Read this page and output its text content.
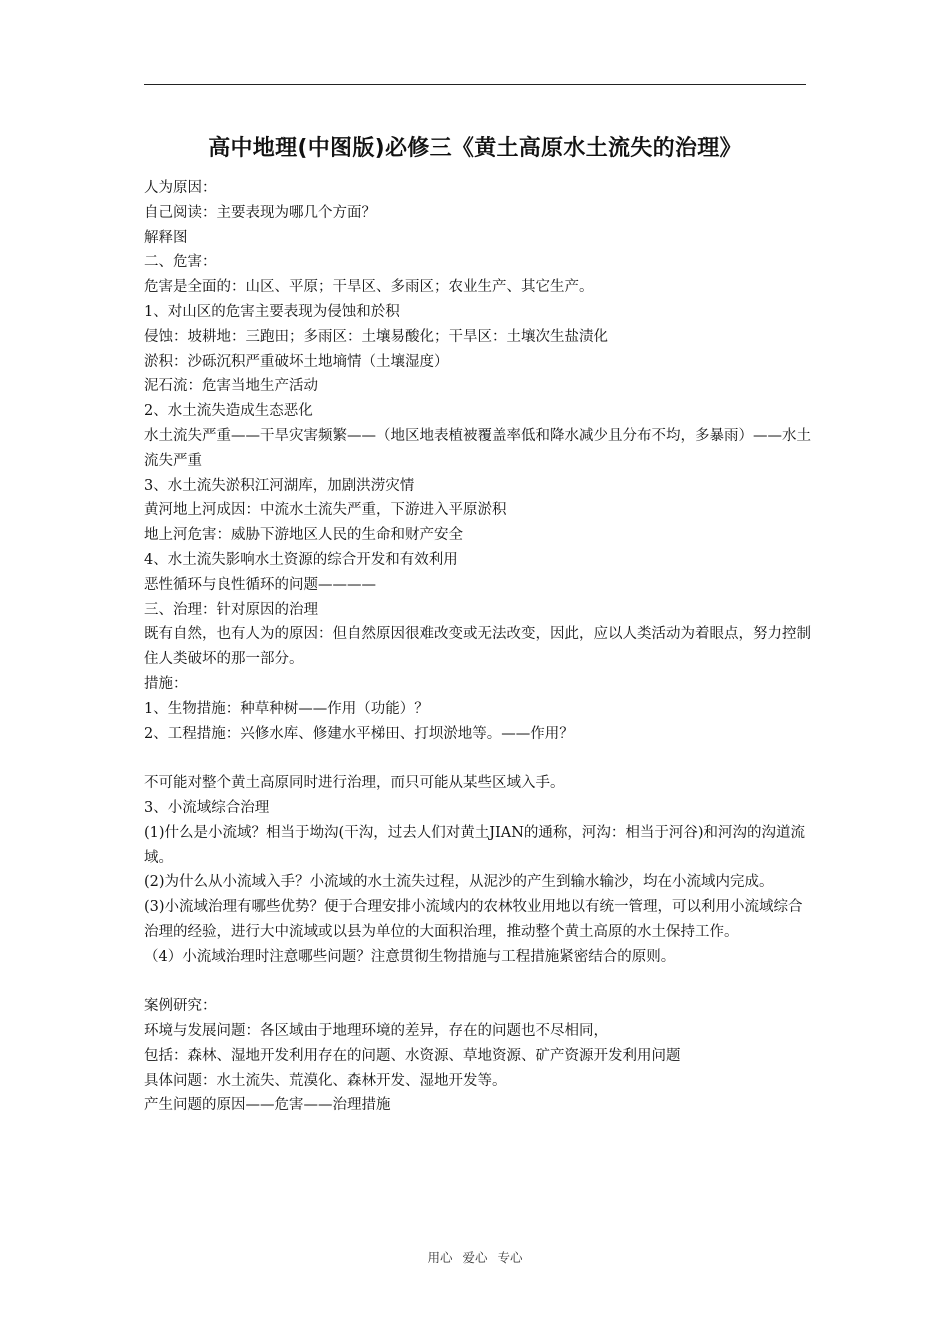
高中地理(中图版)必修三《黄土高原水土流失的治理》

人为原因：

自己阅读：主要表现为哪几个方面？

解释图

二、危害：

危害是全面的：山区、平原；干旱区、多雨区；农业生产、其它生产。

1、对山区的危害主要表现为侵蚀和於积

侵蚀：坡耕地：三跑田；多雨区：土壤易酸化；干旱区：土壤次生盐渍化

淤积：沙砾沉积严重破坏土地墒情（土壤湿度）

泥石流：危害当地生产活动

2、水土流失造成生态恶化

水土流失严重——干旱灾害频繁——（地区地表植被覆盖率低和降水减少且分布不均，多暴雨）——水土流失严重

3、水土流失淤积江河湖库，加剧洪涝灾情

黄河地上河成因：中流水土流失严重，下游进入平原淤积

地上河危害：威胁下游地区人民的生命和财产安全

4、水土流失影响水土资源的综合开发和有效利用

恶性循环与良性循环的问题————

三、治理：针对原因的治理

既有自然，也有人为的原因：但自然原因很难改变或无法改变，因此，应以人类活动为着眼点，努力控制住人类破坏的那一部分。

措施：

1、生物措施：种草种树——作用（功能）？

2、工程措施：兴修水库、修建水平梯田、打坝淤地等。——作用？

不可能对整个黄土高原同时进行治理，而只可能从某些区域入手。

3、小流域综合治理

(1)什么是小流域？相当于坳沟(干沟，过去人们对黄土JIAN的通称，河沟：相当于河谷)和河沟的沟道流域。

(2)为什么从小流域入手？小流域的水土流失过程，从泥沙的产生到输水输沙，均在小流域内完成。

(3)小流域治理有哪些优势？便于合理安排小流域内的农林牧业用地以有统一管理，可以利用小流域综合治理的经验，进行大中流域或以县为单位的大面积治理，推动整个黄土高原的水土保持工作。

（4）小流域治理时注意哪些问题？注意贯彻生物措施与工程措施紧密结合的原则。

案例研究：

环境与发展问题：各区域由于地理环境的差异，存在的问题也不尽相同，

包括：森林、湿地开发利用存在的问题、水资源、草地资源、矿产资源开发利用问题

具体问题：水土流失、荒漠化、森林开发、湿地开发等。

产生问题的原因——危害——治理措施

用心 爱心 专心
